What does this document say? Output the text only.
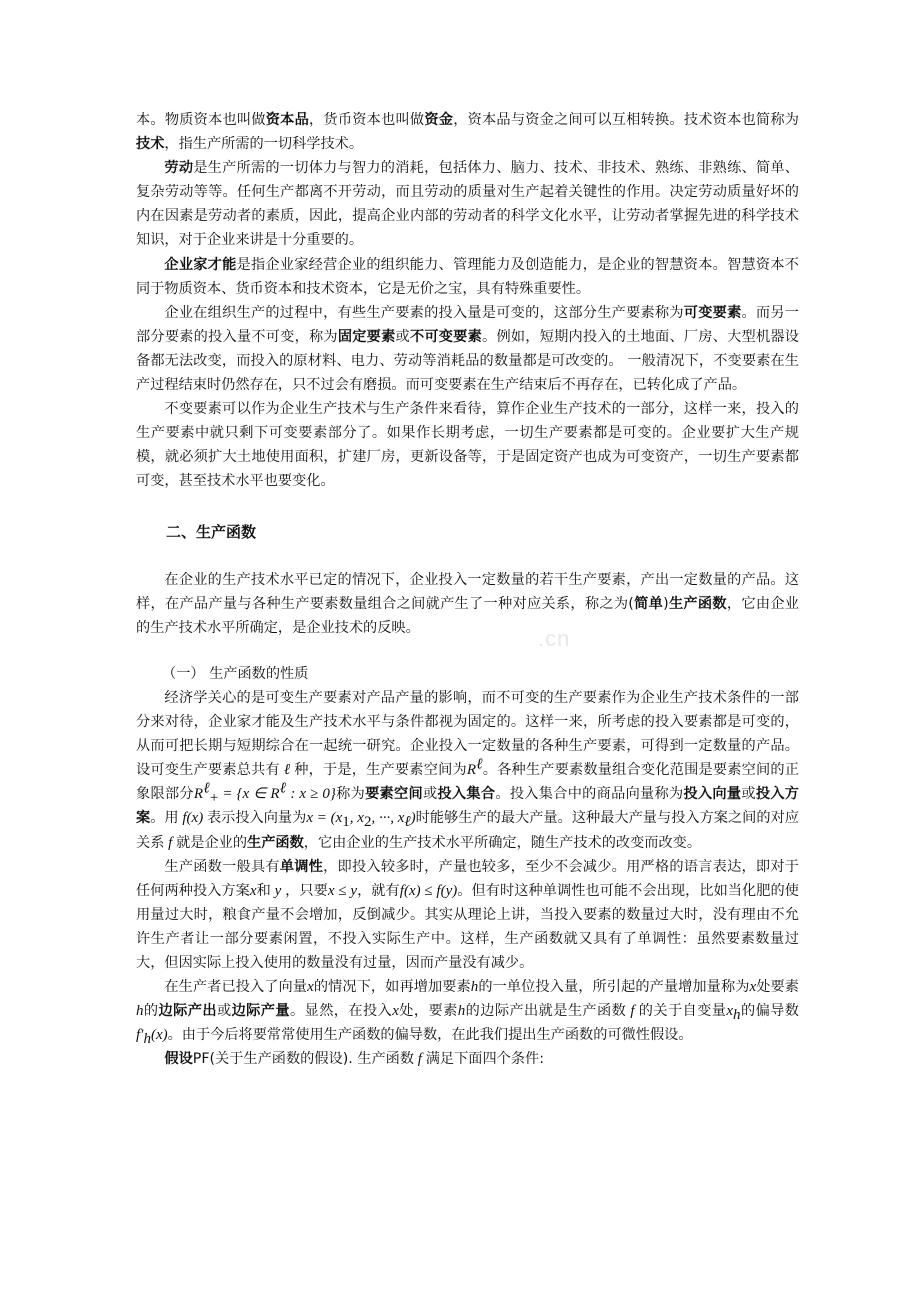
本。物质资本也叫做资本品，货币资本也叫做资金，资本品与资金之间可以互相转换。技术资本也简称为技术，指生产所需的一切科学技术。

劳动是生产所需的一切体力与智力的消耗，包括体力、脑力、技术、非技术、熟练、非熟练、简单、复杂劳动等等。任何生产都离不开劳动，而且劳动的质量对生产起着关键性的作用。决定劳动质量好坏的内在因素是劳动者的素质，因此，提高企业内部的劳动者的科学文化水平，让劳动者掌握先进的科学技术知识，对于企业来讲是十分重要的。

企业家才能是指企业家经营企业的组织能力、管理能力及创造能力，是企业的智慧资本。智慧资本不同于物质资本、货币资本和技术资本，它是无价之宝，具有特殊重要性。

企业在组织生产的过程中，有些生产要素的投入量是可变的，这部分生产要素称为可变要素。而另一部分要素的投入量不可变，称为固定要素或不可变要素。例如，短期内投入的土地面、厂房、大型机器设备都无法改变，而投入的原材料、电力、劳动等消耗品的数量都是可改变的。 一般清况下，不变要素在生产过程结束时仍然存在，只不过会有磨损。而可变要素在生产结束后不再存在，已转化成了产品。

不变要素可以作为企业生产技术与生产条件来看待，算作企业生产技术的一部分，这样一来，投入的生产要素中就只剩下可变要素部分了。如果作长期考虑，一切生产要素都是可变的。企业要扩大生产规模，就必须扩大土地使用面积，扩建厂房，更新设备等，于是固定资产也成为可变资产，一切生产要素都可变，甚至技术水平也要变化。

二、生产函数

在企业的生产技术水平已定的情况下，企业投入一定数量的若干生产要素，产出一定数量的产品。这样，在产品产量与各种生产要素数量组合之间就产生了一种对应关系，称之为(简单)生产函数，它由企业的生产技术水平所确定，是企业技术的反映。

（一） 生产函数的性质

经济学关心的是可变生产要素对产品产量的影响，而不可变的生产要素作为企业生产技术条件的一部分来对待，企业家才能及生产技术水平与条件都视为固定的。这样一来，所考虑的投入要素都是可变的，从而可把长期与短期综合在一起统一研究。企业投入一定数量的各种生产要素，可得到一定数量的产品。 设可变生产要素总共有 ℓ 种，于是，生产要素空间为$R^\ell$。各种生产要素数量组合变化范围是要素空间的正象限部分$R^\ell_+ = \{x$ ∈ $R^\ell$ : x ≥ 0}称为要素空间或投入集合。投入集合中的商品向量称为投入向量或投入方案。用 f(x) 表示投入向量为$x = (x_1$, $x_2$, ···, $x_\ell$)时能够生产的最大产量。这种最大产量与投入方案之间的对应关系 f 就是企业的生产函数，它由企业的生产技术水平所确定，随生产技术的改变而改变。

生产函数一般具有单调性，即投入较多时，产量也较多，至少不会减少。用严格的语言表达，即对于任何两种投入方案x和 y ，只要x ≤ y，就有f(x) ≤ f(y)。但有时这种单调性也可能不会出现，比如当化肥的使用量过大时，粮食产量不会增加，反倒减少。其实从理论上讲，当投入要素的数量过大时，没有理由不允许生产者让一部分要素闲置，不投入实际生产中。这样，生产函数就又具有了单调性：虽然要素数量过大，但因实际上投入使用的数量没有过量，因而产量没有减少。

在生产者已投入了向量x的情况下，如再增加要素h的一单位投入量，所引起的产量增加量称为x处要素h的边际产出或边际产量。显然，在投入x处，要素h的边际产出就是生产函数 f 的关于自变量$x_h$的偏导数$f'_h(x)$。由于今后将要常常使用生产函数的偏导数，在此我们提出生产函数的可微性假设。

假设PF(关于生产函数的假设). 生产函数 f 满足下面四个条件:

.cn
